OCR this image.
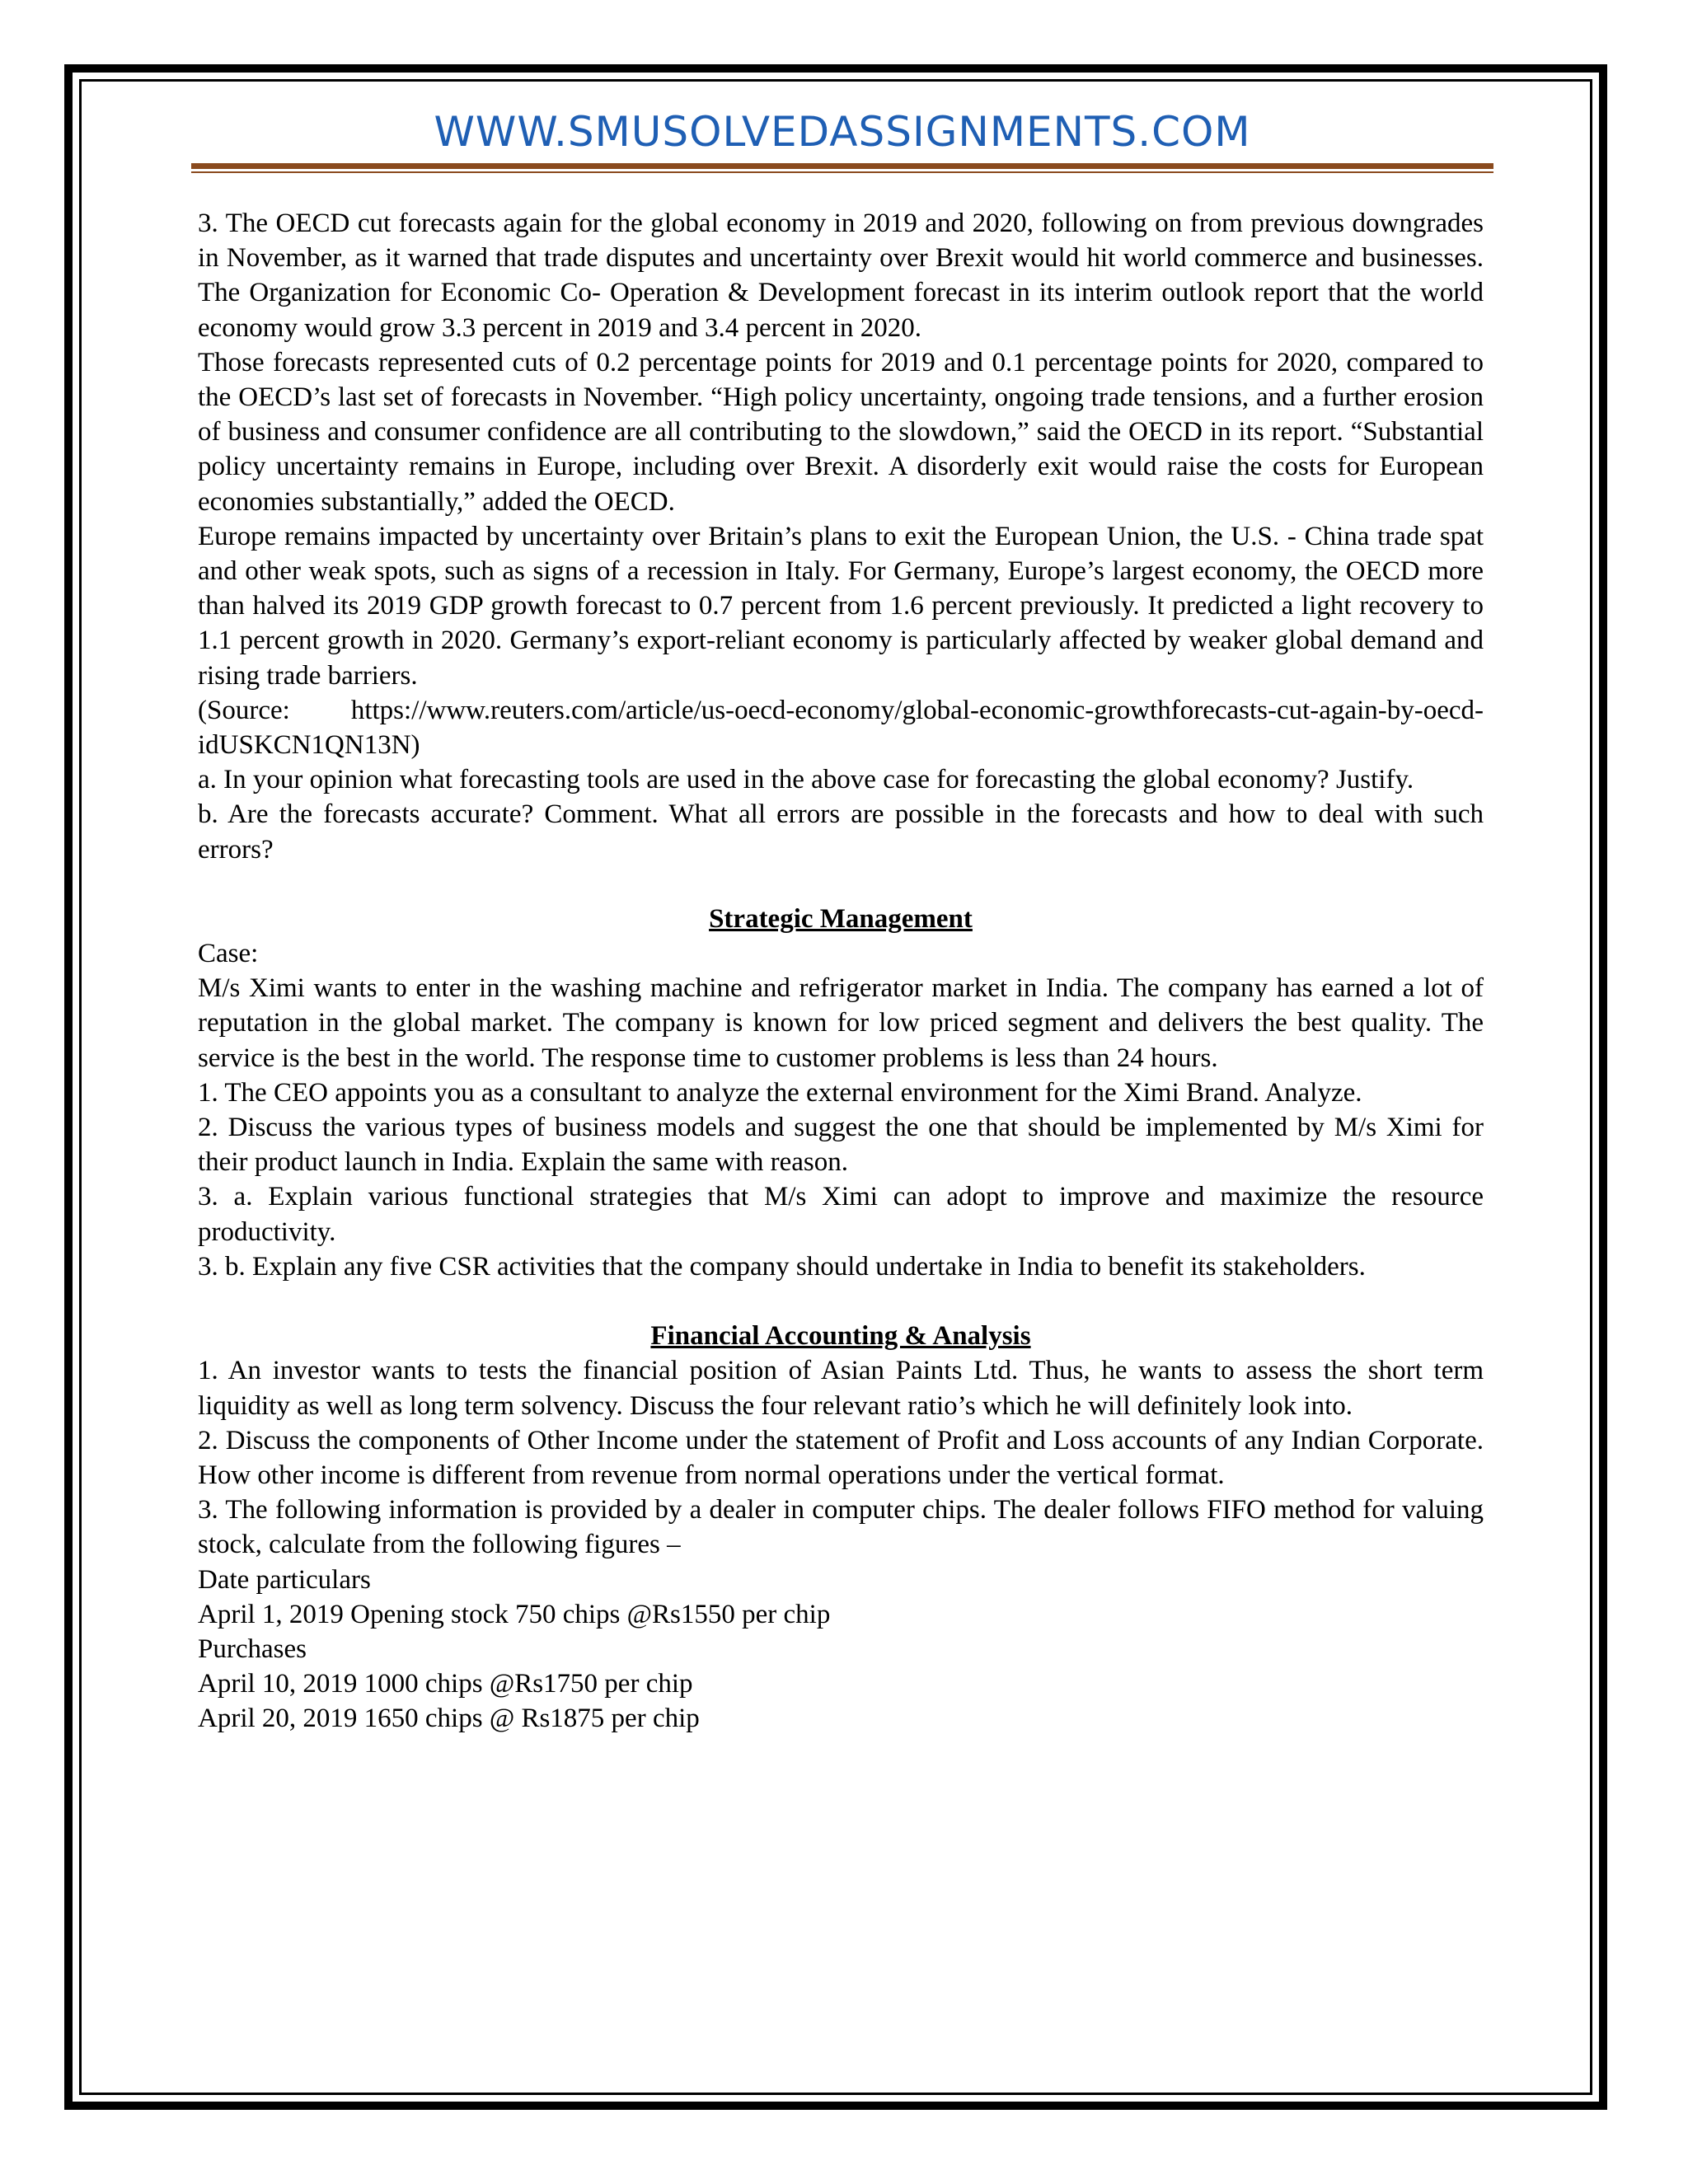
WWW.SMUSOLVEDASSIGNMENTS.COM

3. The OECD cut forecasts again for the global economy in 2019 and 2020, following on from previous downgrades in November, as it warned that trade disputes and uncertainty over Brexit would hit world commerce and businesses. The Organization for Economic Co- Operation & Development forecast in its interim outlook report that the world economy would grow 3.3 percent in 2019 and 3.4 percent in 2020.

Those forecasts represented cuts of 0.2 percentage points for 2019 and 0.1 percentage points for 2020, compared to the OECD’s last set of forecasts in November. “High policy uncertainty, ongoing trade tensions, and a further erosion of business and consumer confidence are all contributing to the slowdown,” said the OECD in its report. “Substantial policy uncertainty remains in Europe, including over Brexit. A disorderly exit would raise the costs for European economies substantially,” added the OECD.

Europe remains impacted by uncertainty over Britain’s plans to exit the European Union, the U.S. - China trade spat and other weak spots, such as signs of a recession in Italy. For Germany, Europe’s largest economy, the OECD more than halved its 2019 GDP growth forecast to 0.7 percent from 1.6 percent previously. It predicted a light recovery to 1.1 percent growth in 2020. Germany’s export-reliant economy is particularly affected by weaker global demand and rising trade barriers.

(Source: https://www.reuters.com/article/us-oecd-economy/global-economic-growthforecasts-cut-again-by-oecd-idUSKCN1QN13N)

a. In your opinion what forecasting tools are used in the above case for forecasting the global economy? Justify.

b. Are the forecasts accurate? Comment. What all errors are possible in the forecasts and how to deal with such errors?

Strategic Management

Case:

M/s Ximi wants to enter in the washing machine and refrigerator market in India. The company has earned a lot of reputation in the global market. The company is known for low priced segment and delivers the best quality. The service is the best in the world. The response time to customer problems is less than 24 hours.

1. The CEO appoints you as a consultant to analyze the external environment for the Ximi Brand. Analyze.

2. Discuss the various types of business models and suggest the one that should be implemented by M/s Ximi for their product launch in India. Explain the same with reason.

3. a. Explain various functional strategies that M/s Ximi can adopt to improve and maximize the resource productivity.

3. b. Explain any five CSR activities that the company should undertake in India to benefit its stakeholders.

Financial Accounting & Analysis

1. An investor wants to tests the financial position of Asian Paints Ltd. Thus, he wants to assess the short term liquidity as well as long term solvency. Discuss the four relevant ratio’s which he will definitely look into.

2. Discuss the components of Other Income under the statement of Profit and Loss accounts of any Indian Corporate. How other income is different from revenue from normal operations under the vertical format.

3. The following information is provided by a dealer in computer chips. The dealer follows FIFO method for valuing stock, calculate from the following figures –

Date particulars

April 1, 2019 Opening stock 750 chips @Rs1550 per chip

Purchases

April 10, 2019 1000 chips @Rs1750 per chip

April 20, 2019 1650 chips @ Rs1875 per chip
